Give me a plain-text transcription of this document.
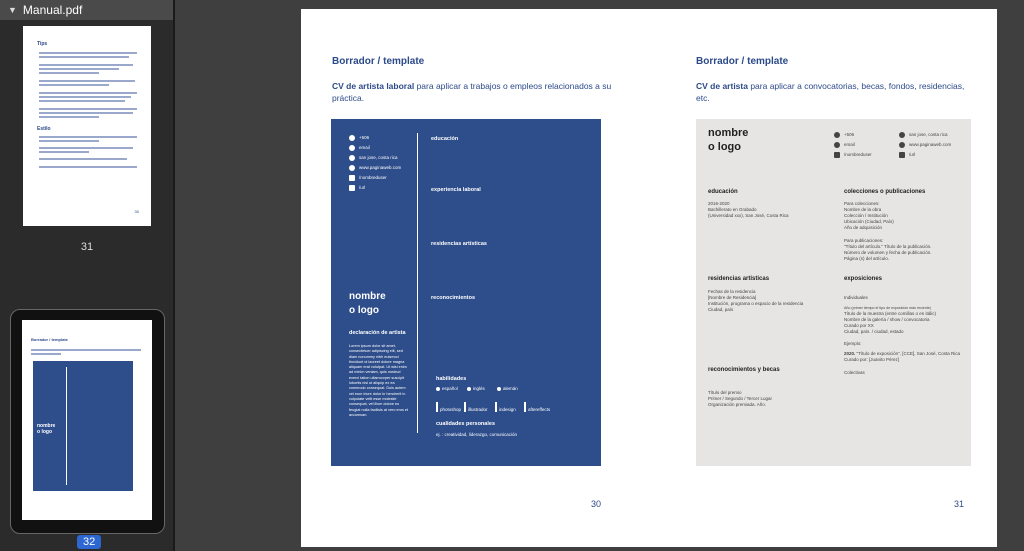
▼ Manual.pdf
Tips
Estilo
30
31
Borrador / template
nombre
o logo
32
Borrador / template
CV de artista laboral para aplicar a trabajos o empleos relacionados a su práctica.
+506
email
san jose, costa rica
www.paginaweb.com
/nombreduser
/url
educación
experiencia laboral
residencias artísticas
reconocimientos
nombre
o logo
declaración de artista
Lorem ipsum dolor sit amet, consectetuer adipiscing elit, sed diam nonummy nibh euismod tincidunt ut laoreet dolore magna aliquam erat volutpat. Ut wisi enim ad minim veniam, quis nostrud exerci tation ullamcorper suscipit lobortis nisl ut aliquip ex ea commodo consequat. Duis autem vel eum iriure dolor in hendrerit in vulputate velit esse molestie consequat, vel illum dolore eu feugiat nulla facilisis at vero eros et accumsan.
habilidades
español	inglés	alemán
photoshop illustrador	indesign	aftereffects
cualidades personales
ej. : creatividad, liderazgo, comunicación
30
Borrador / template
CV de artista para aplicar a convocatorias, becas, fondos, residencias, etc.
nombre
o logo
+506
email
/nombreduser
san jose, costa rica
www.paginaweb.com
/url
educación
2016-2020
Bachillerato en Grabado
(Universidad xxx), San José, Costa Rica
colecciones o publicaciones
Para colecciones:
Nombre de la obra
Colección / Institución
Ubicación (Ciudad, País)
Año de adquisición
Para publicaciones:
"Título del artículo." Título de la publicación.
Número de volumen y fecha de publicación.
Página (s) del artículo.
residencias artísticas
Fechas de la residencia
[Nombre de Residencia]
Institución, programa o espacio de la residencia
Ciudad, país
exposiciones
Individuales
Año (primer tiempo el tipo de exposición más reciente)
Título de la muestra (entre comillas o en itálic)
Nombre de la galería / show / convocatoria
Curado por XX
Ciudad, país. / ciudad, estado
Ejemplo:
2020. "Título de exposición", [CCE], San José, Costa Rica
Curado por: [Juanito Pérez]
Colectivas
reconocimientos y becas
Título del premio
Primer / Segundo / Tercer Lugar
Organización premiada. Año.
31
